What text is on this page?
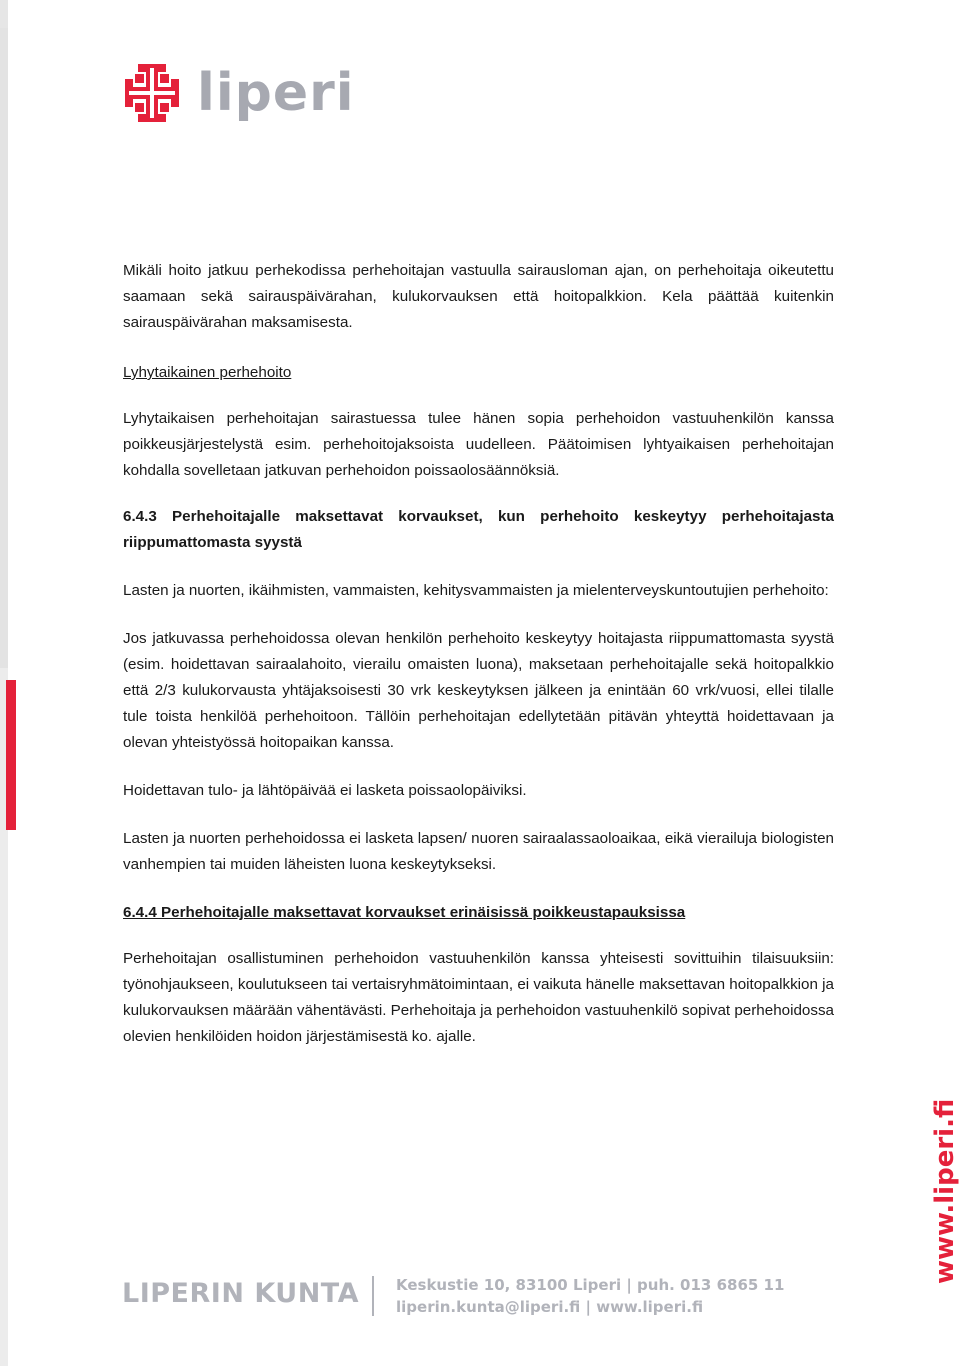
liperi

Mikäli hoito jatkuu perhekodissa perhehoitajan vastuulla sairausloman ajan, on perhehoitaja oikeutettu saamaan sekä sairauspäivärahan, kulukorvauksen että hoitopalkkion. Kela päättää kuitenkin sairauspäivärahan maksamisesta.

Lyhytaikainen perhehoito

Lyhytaikaisen perhehoitajan sairastuessa tulee hänen sopia perhehoidon vastuuhenkilön kanssa poikkeusjärjestelystä esim. perhehoitojaksoista uudelleen. Päätoimisen lyhtyaikaisen perhehoitajan kohdalla sovelletaan jatkuvan perhehoidon poissaolosäännöksiä.

6.4.3 Perhehoitajalle maksettavat korvaukset, kun perhehoito keskeytyy perhehoitajasta riippumattomasta syystä

Lasten ja nuorten, ikäihmisten, vammaisten, kehitysvammaisten ja mielenterveyskuntoutujien perhehoito:

Jos jatkuvassa perhehoidossa olevan henkilön perhehoito keskeytyy hoitajasta riippumattomasta syystä (esim. hoidettavan sairaalahoito, vierailu omaisten luona), maksetaan perhehoitajalle sekä hoitopalkkio että 2/3 kulukorvausta yhtäjaksoisesti 30 vrk keskeytyksen jälkeen ja enintään 60 vrk/vuosi, ellei tilalle tule toista henkilöä perhehoitoon. Tällöin perhehoitajan edellytetään pitävän yhteyttä hoidettavaan ja olevan yhteistyössä hoitopaikan kanssa.

Hoidettavan tulo- ja lähtöpäivää ei lasketa poissaolopäiviksi.

Lasten ja nuorten perhehoidossa ei lasketa lapsen/ nuoren sairaalassaoloaikaa, eikä vierailuja biologisten vanhempien tai muiden läheisten luona keskeytykseksi.

6.4.4 Perhehoitajalle maksettavat korvaukset erinäisissä poikkeustapauksissa

Perhehoitajan osallistuminen perhehoidon vastuuhenkilön kanssa yhteisesti sovittuihin tilaisuuksiin: työnohjaukseen, koulutukseen tai vertaisryhmätoimintaan, ei vaikuta hänelle maksettavan hoitopalkkion ja kulukorvauksen määrään vähentävästi. Perhehoitaja ja perhehoidon vastuuhenkilö sopivat perhehoidossa olevien henkilöiden hoidon järjestämisestä ko. ajalle.

LIPERIN KUNTA Keskustie 10, 83100 Liperi | puh. 013 6865 11
liperin.kunta@liperi.fi | www.liperi.fi
www.liperi.fi
